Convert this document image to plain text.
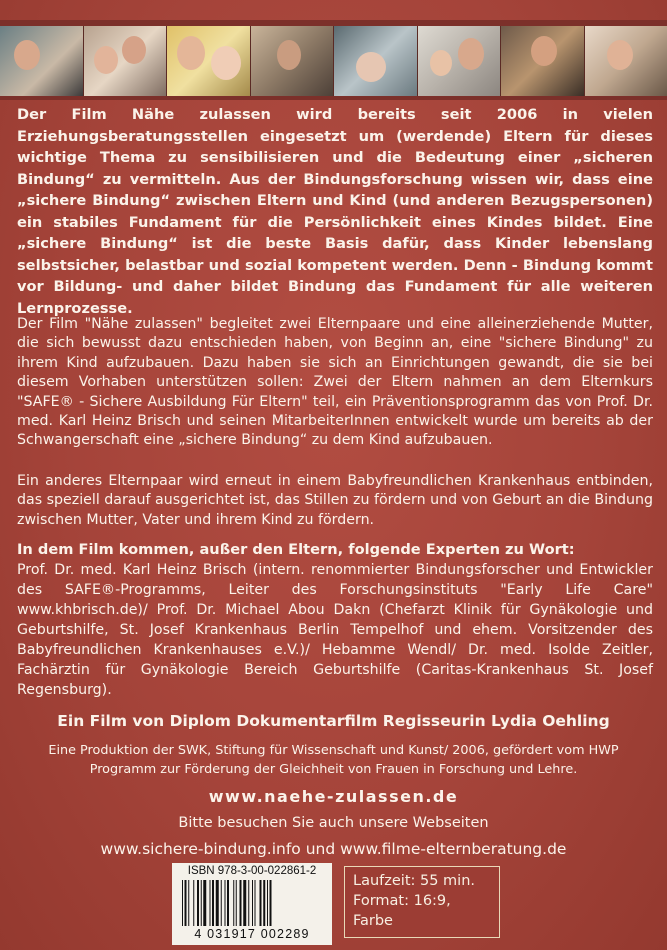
Der Film Nähe zulassen wird bereits seit 2006 in vielen Erziehungsberatungsstellen eingesetzt um (werdende) Eltern für dieses wichtige Thema zu sensibilisieren und die Bedeutung einer „sicheren Bindung“ zu vermitteln. Aus der Bindungsforschung wissen wir, dass eine „sichere Bindung“ zwischen Eltern und Kind (und anderen Bezugspersonen) ein stabiles Fundament für die Persönlichkeit eines Kindes bildet. Eine „sichere Bindung“ ist die beste Basis dafür, dass Kinder lebenslang selbstsicher, belastbar und sozial kompetent werden. Denn - Bindung kommt vor Bildung- und daher bildet Bindung das Fundament für alle weiteren Lernprozesse.
Der Film "Nähe zulassen" begleitet zwei Elternpaare und eine alleinerziehende Mutter, die sich bewusst dazu entschieden haben, von Beginn an, eine "sichere Bindung" zu ihrem Kind aufzubauen. Dazu haben sie sich an Einrichtungen gewandt, die sie bei diesem Vorhaben unterstützen sollen: Zwei der Eltern nahmen an dem Elternkurs "SAFE® - Sichere Ausbildung Für Eltern" teil, ein Präventionsprogramm das von Prof. Dr. med. Karl Heinz Brisch und seinen MitarbeiterInnen entwickelt wurde um bereits ab der Schwangerschaft eine „sichere Bindung“ zu dem Kind aufzubauen.
Ein anderes Elternpaar wird erneut in einem Babyfreundlichen Krankenhaus entbinden, das speziell darauf ausgerichtet ist, das Stillen zu fördern und von Geburt an die Bindung zwischen Mutter, Vater und ihrem Kind zu fördern.
In dem Film kommen, außer den Eltern, folgende Experten zu Wort:
Prof. Dr. med. Karl Heinz Brisch (intern. renommierter Bindungsforscher und Entwickler des SAFE®-Programms, Leiter des Forschungsinstituts "Early Life Care" www.khbrisch.de)/ Prof. Dr. Michael Abou Dakn (Chefarzt Klinik für Gynäkologie und Geburtshilfe, St. Josef Krankenhaus Berlin Tempelhof und ehem. Vorsitzender des Babyfreundlichen Krankenhauses e.V.)/ Hebamme Wendl/ Dr. med. Isolde Zeitler, Fachärztin für Gynäkologie Bereich Geburtshilfe (Caritas-Krankenhaus St. Josef Regensburg).
Ein Film von Diplom Dokumentarfilm Regisseurin Lydia Oehling
Eine Produktion der SWK, Stiftung für Wissenschaft und Kunst/ 2006, gefördert vom HWP Programm zur Förderung der Gleichheit von Frauen in Forschung und Lehre.
www.naehe-zulassen.de
Bitte besuchen Sie auch unsere Webseiten
www.sichere-bindung.info und www.filme-elternberatung.de
ISBN 978-3-00-022861-2
4 031917 002289
Laufzeit: 55 min.
Format: 16:9,
Farbe
